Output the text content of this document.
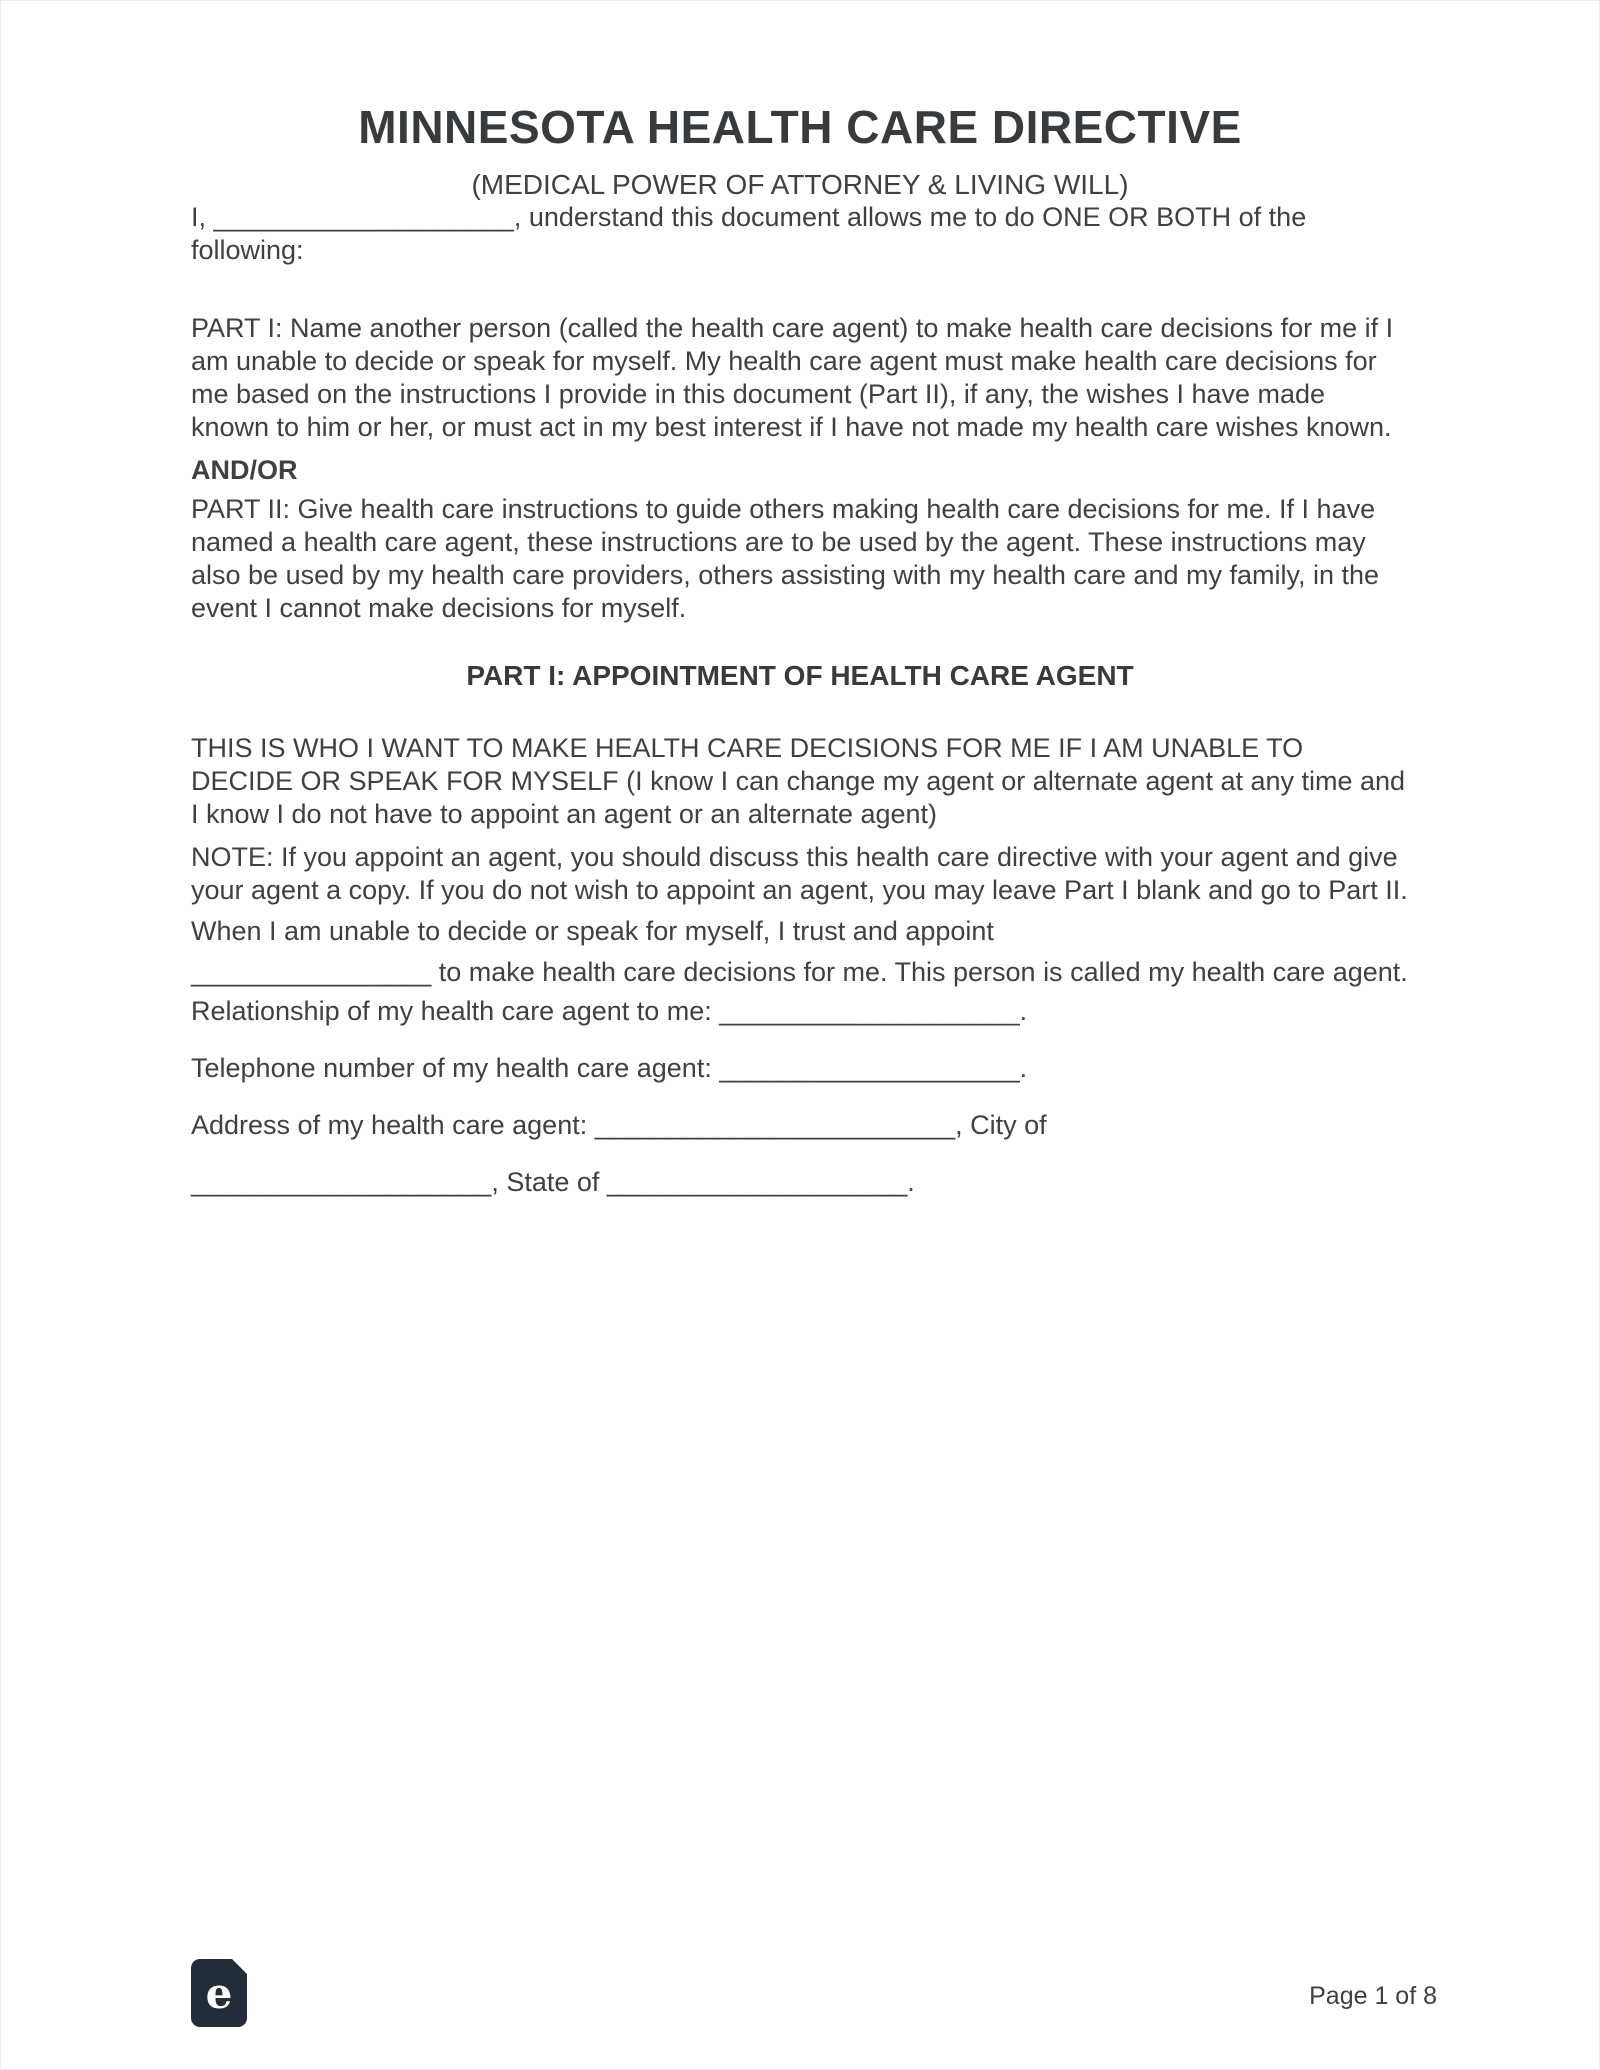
MINNESOTA HEALTH CARE DIRECTIVE
(MEDICAL POWER OF ATTORNEY & LIVING WILL)

I, ____________________, understand this document allows me to do ONE OR BOTH of the following:

PART I: Name another person (called the health care agent) to make health care decisions for me if I am unable to decide or speak for myself. My health care agent must make health care decisions for me based on the instructions I provide in this document (Part II), if any, the wishes I have made known to him or her, or must act in my best interest if I have not made my health care wishes known.

AND/OR

PART II: Give health care instructions to guide others making health care decisions for me. If I have named a health care agent, these instructions are to be used by the agent. These instructions may also be used by my health care providers, others assisting with my health care and my family, in the event I cannot make decisions for myself.

PART I: APPOINTMENT OF HEALTH CARE AGENT

THIS IS WHO I WANT TO MAKE HEALTH CARE DECISIONS FOR ME IF I AM UNABLE TO DECIDE OR SPEAK FOR MYSELF (I know I can change my agent or alternate agent at any time and I know I do not have to appoint an agent or an alternate agent)

NOTE: If you appoint an agent, you should discuss this health care directive with your agent and give your agent a copy. If you do not wish to appoint an agent, you may leave Part I blank and go to Part II.

When I am unable to decide or speak for myself, I trust and appoint

________________ to make health care decisions for me. This person is called my health care agent.

Relationship of my health care agent to me: ____________________.

Telephone number of my health care agent: ____________________.

Address of my health care agent: ________________________, City of

____________________, State of ____________________.

e	Page 1 of 8
